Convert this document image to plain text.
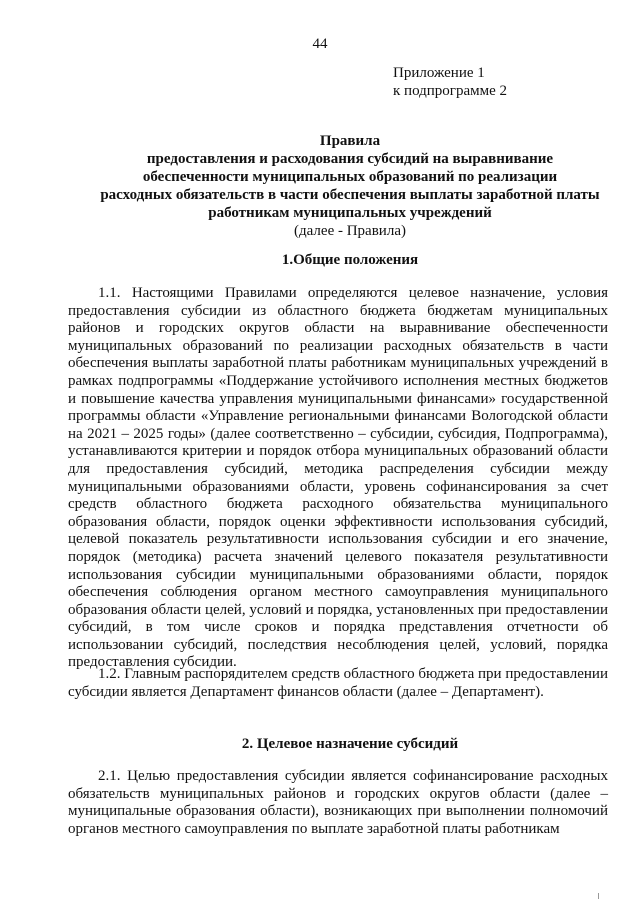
44
Приложение 1
к подпрограмме 2
Правила
предоставления и расходования субсидий на выравнивание
обеспеченности муниципальных образований по реализации
расходных обязательств в части обеспечения выплаты заработной платы
работникам муниципальных учреждений
(далее - Правила)
1.Общие положения
1.1. Настоящими Правилами определяются целевое назначение, условия предоставления субсидии из областного бюджета бюджетам муниципальных районов и городских округов области на выравнивание обеспеченности муниципальных образований по реализации расходных обязательств в части обеспечения выплаты заработной платы работникам муниципальных учреждений в рамках подпрограммы «Поддержание устойчивого исполнения местных бюджетов и повышение качества управления муниципальными финансами» государственной программы области «Управление региональными финансами Вологодской области на 2021 – 2025 годы» (далее соответственно – субсидии, субсидия, Подпрограмма), устанавливаются критерии и порядок отбора муниципальных образований области для предоставления субсидий, методика распределения субсидии между муниципальными образованиями области, уровень софинансирования за счет средств областного бюджета расходного обязательства муниципального образования области, порядок оценки эффективности использования субсидий, целевой показатель результативности использования субсидии и его значение, порядок (методика) расчета значений целевого показателя результативности использования субсидии муниципальными образованиями области, порядок обеспечения соблюдения органом местного самоуправления муниципального образования области целей, условий и порядка, установленных при предоставлении субсидий, в том числе сроков и порядка представления отчетности об использовании субсидий, последствия несоблюдения целей, условий, порядка предоставления субсидии.
1.2. Главным распорядителем средств областного бюджета при предоставлении субсидии является Департамент финансов области (далее – Департамент).
2. Целевое назначение субсидий
2.1. Целью предоставления субсидии является софинансирование расходных обязательств муниципальных районов и городских округов области (далее – муниципальные образования области), возникающих при выполнении полномочий органов местного самоуправления по выплате заработной платы работникам
